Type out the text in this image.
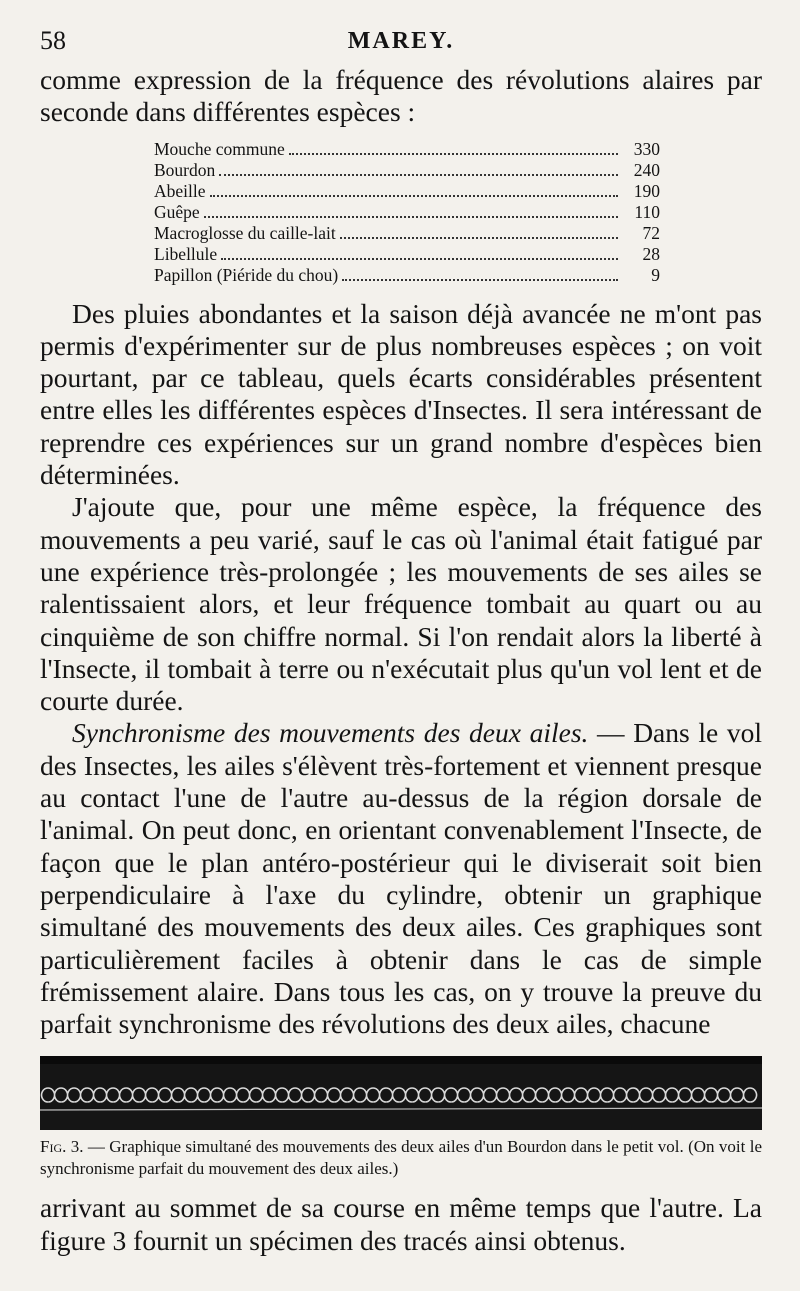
58	MAREY.

comme expression de la fréquence des révolutions alaires par seconde dans différentes espèces :

Mouche commune	330
Bourdon	240
Abeille	190
Guêpe	110
Macroglosse du caille-lait	72
Libellule	28
Papillon (Piéride du chou)	9

Des pluies abondantes et la saison déjà avancée ne m'ont pas permis d'expérimenter sur de plus nombreuses espèces ; on voit pourtant, par ce tableau, quels écarts considérables présentent entre elles les différentes espèces d'Insectes. Il sera intéressant de reprendre ces expériences sur un grand nombre d'espèces bien déterminées.

J'ajoute que, pour une même espèce, la fréquence des mouvements a peu varié, sauf le cas où l'animal était fatigué par une expérience très-prolongée ; les mouvements de ses ailes se ralentissaient alors, et leur fréquence tombait au quart ou au cinquième de son chiffre normal. Si l'on rendait alors la liberté à l'Insecte, il tombait à terre ou n'exécutait plus qu'un vol lent et de courte durée.

Synchronisme des mouvements des deux ailes. — Dans le vol des Insectes, les ailes s'élèvent très-fortement et viennent presque au contact l'une de l'autre au-dessus de la région dorsale de l'animal. On peut donc, en orientant convenablement l'Insecte, de façon que le plan antéro-postérieur qui le diviserait soit bien perpendiculaire à l'axe du cylindre, obtenir un graphique simultané des mouvements des deux ailes. Ces graphiques sont particulièrement faciles à obtenir dans le cas de simple frémissement alaire. Dans tous les cas, on y trouve la preuve du parfait synchronisme des révolutions des deux ailes, chacune

Fig. 3. — Graphique simultané des mouvements des deux ailes d'un Bourdon dans le petit vol. (On voit le synchronisme parfait du mouvement des deux ailes.)

arrivant au sommet de sa course en même temps que l'autre. La figure 3 fournit un spécimen des tracés ainsi obtenus.
